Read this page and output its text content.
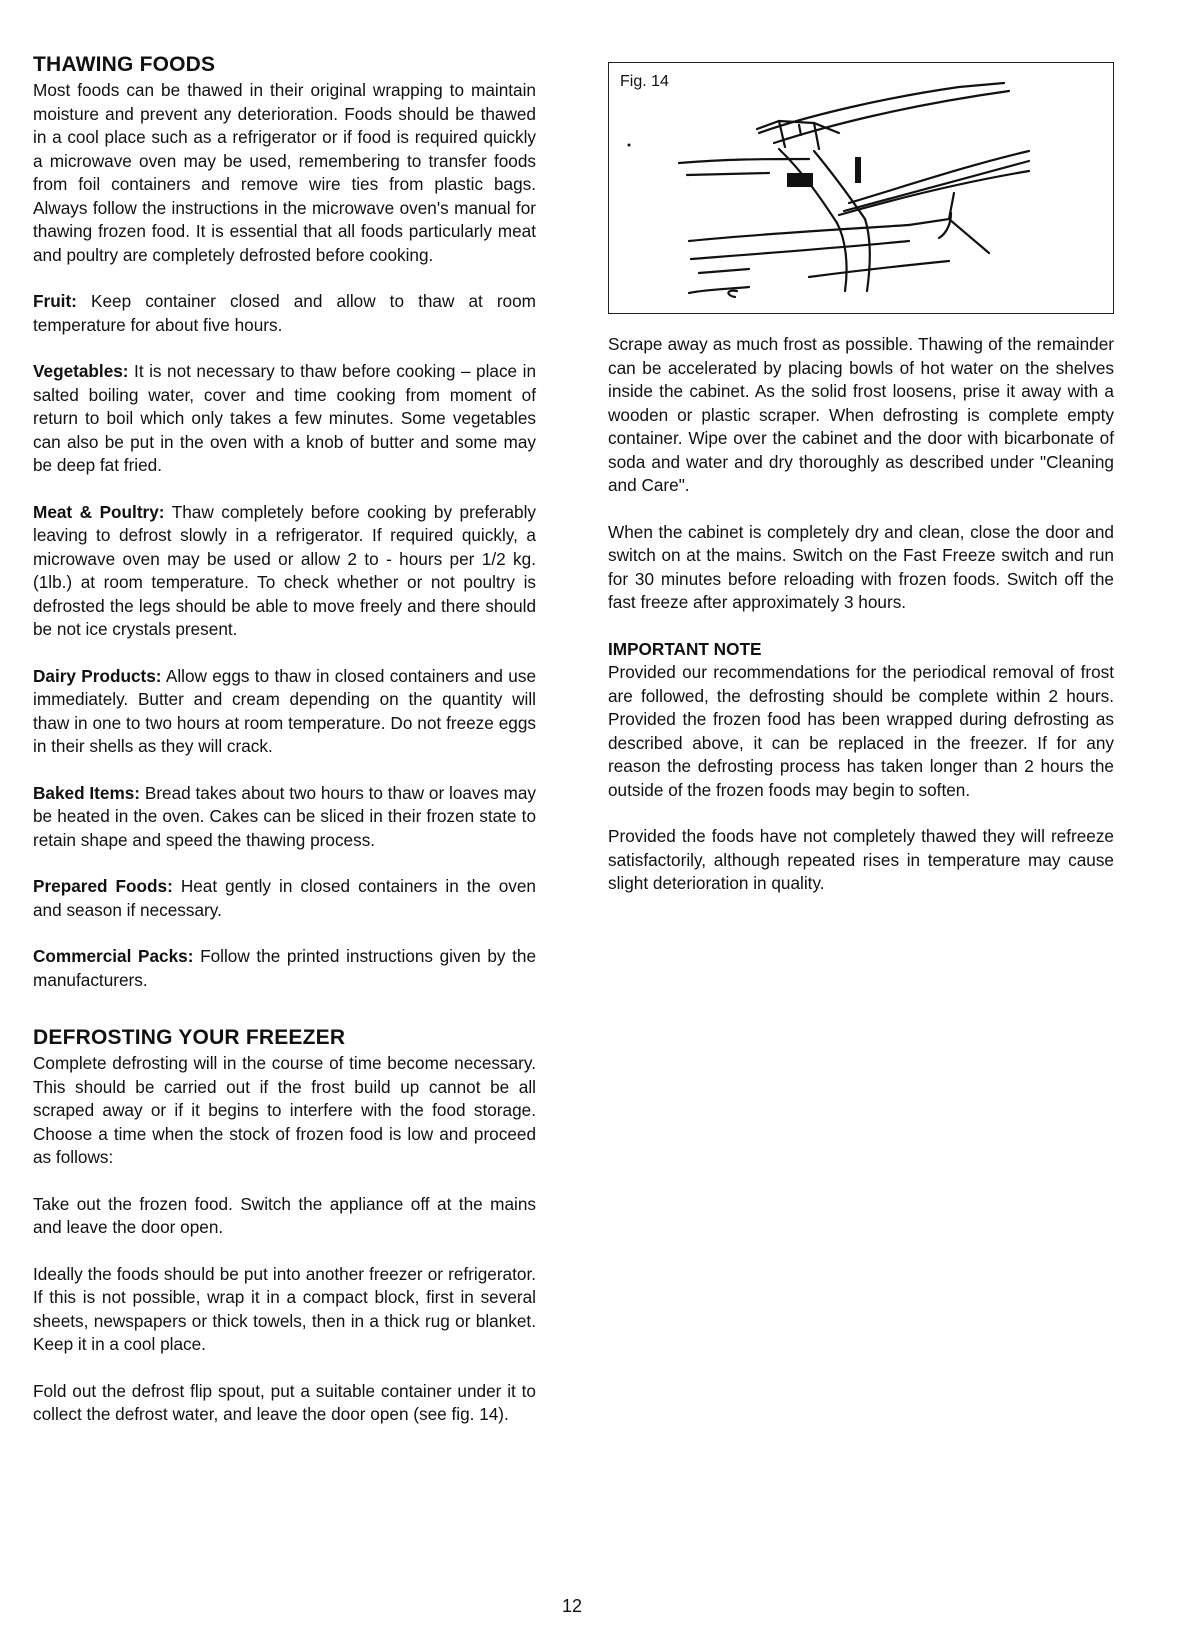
THAWING FOODS

Most foods can be thawed in their original wrapping to maintain moisture and prevent any deterioration. Foods should be thawed in a cool place such as a refrigerator or if food is required quickly a microwave oven may be used, remembering to transfer foods from foil containers and remove wire ties from plastic bags. Always follow the instructions in the microwave oven's manual for thawing frozen food. It is essential that all foods particularly meat and poultry are completely defrosted before cooking.

Fruit: Keep container closed and allow to thaw at room temperature for about five hours.

Vegetables: It is not necessary to thaw before cooking – place in salted boiling water, cover and time cooking from moment of return to boil which only takes a few minutes. Some vegetables can also be put in the oven with a knob of butter and some may be deep fat fried.

Meat & Poultry: Thaw completely before cooking by preferably leaving to defrost slowly in a refrigerator. If required quickly, a microwave oven may be used or allow 2 to - hours per 1/2 kg. (1lb.) at room temperature. To check whether or not poultry is defrosted the legs should be able to move freely and there should be not ice crystals present.

Dairy Products: Allow eggs to thaw in closed containers and use immediately. Butter and cream depending on the quantity will thaw in one to two hours at room temperature. Do not freeze eggs in their shells as they will crack.

Baked Items: Bread takes about two hours to thaw or loaves may be heated in the oven. Cakes can be sliced in their frozen state to retain shape and speed the thawing process.

Prepared Foods: Heat gently in closed containers in the oven and season if necessary.

Commercial Packs: Follow the printed instructions given by the manufacturers.

DEFROSTING YOUR FREEZER

Complete defrosting will in the course of time become necessary. This should be carried out if the frost build up cannot be all scraped away or if it begins to interfere with the food storage. Choose a time when the stock of frozen food is low and proceed as follows:

Take out the frozen food. Switch the appliance off at the mains and leave the door open.

Ideally the foods should be put into another freezer or refrigerator. If this is not possible, wrap it in a compact block, first in several sheets, newspapers or thick towels, then in a thick rug or blanket. Keep it in a cool place.

Fold out the defrost flip spout, put a suitable container under it to collect the defrost water, and leave the door open (see fig. 14).

Fig. 14

Scrape away as much frost as possible. Thawing of the remainder can be accelerated by placing bowls of hot water on the shelves inside the cabinet. As the solid frost loosens, prise it away with a wooden or plastic scraper. When defrosting is complete empty container. Wipe over the cabinet and the door with bicarbonate of soda and water and dry thoroughly as described under "Cleaning and Care".

When the cabinet is completely dry and clean, close the door and switch on at the mains. Switch on the Fast Freeze switch and run for 30 minutes before reloading with frozen foods. Switch off the fast freeze after approximately 3 hours.

IMPORTANT NOTE

Provided our recommendations for the periodical removal of frost are followed, the defrosting should be complete within 2 hours. Provided the frozen food has been wrapped during defrosting as described above, it can be replaced in the freezer. If for any reason the defrosting process has taken longer than 2 hours the outside of the frozen foods may begin to soften.

Provided the foods have not completely thawed they will refreeze satisfactorily, although repeated rises in temperature may cause slight deterioration in quality.

12
